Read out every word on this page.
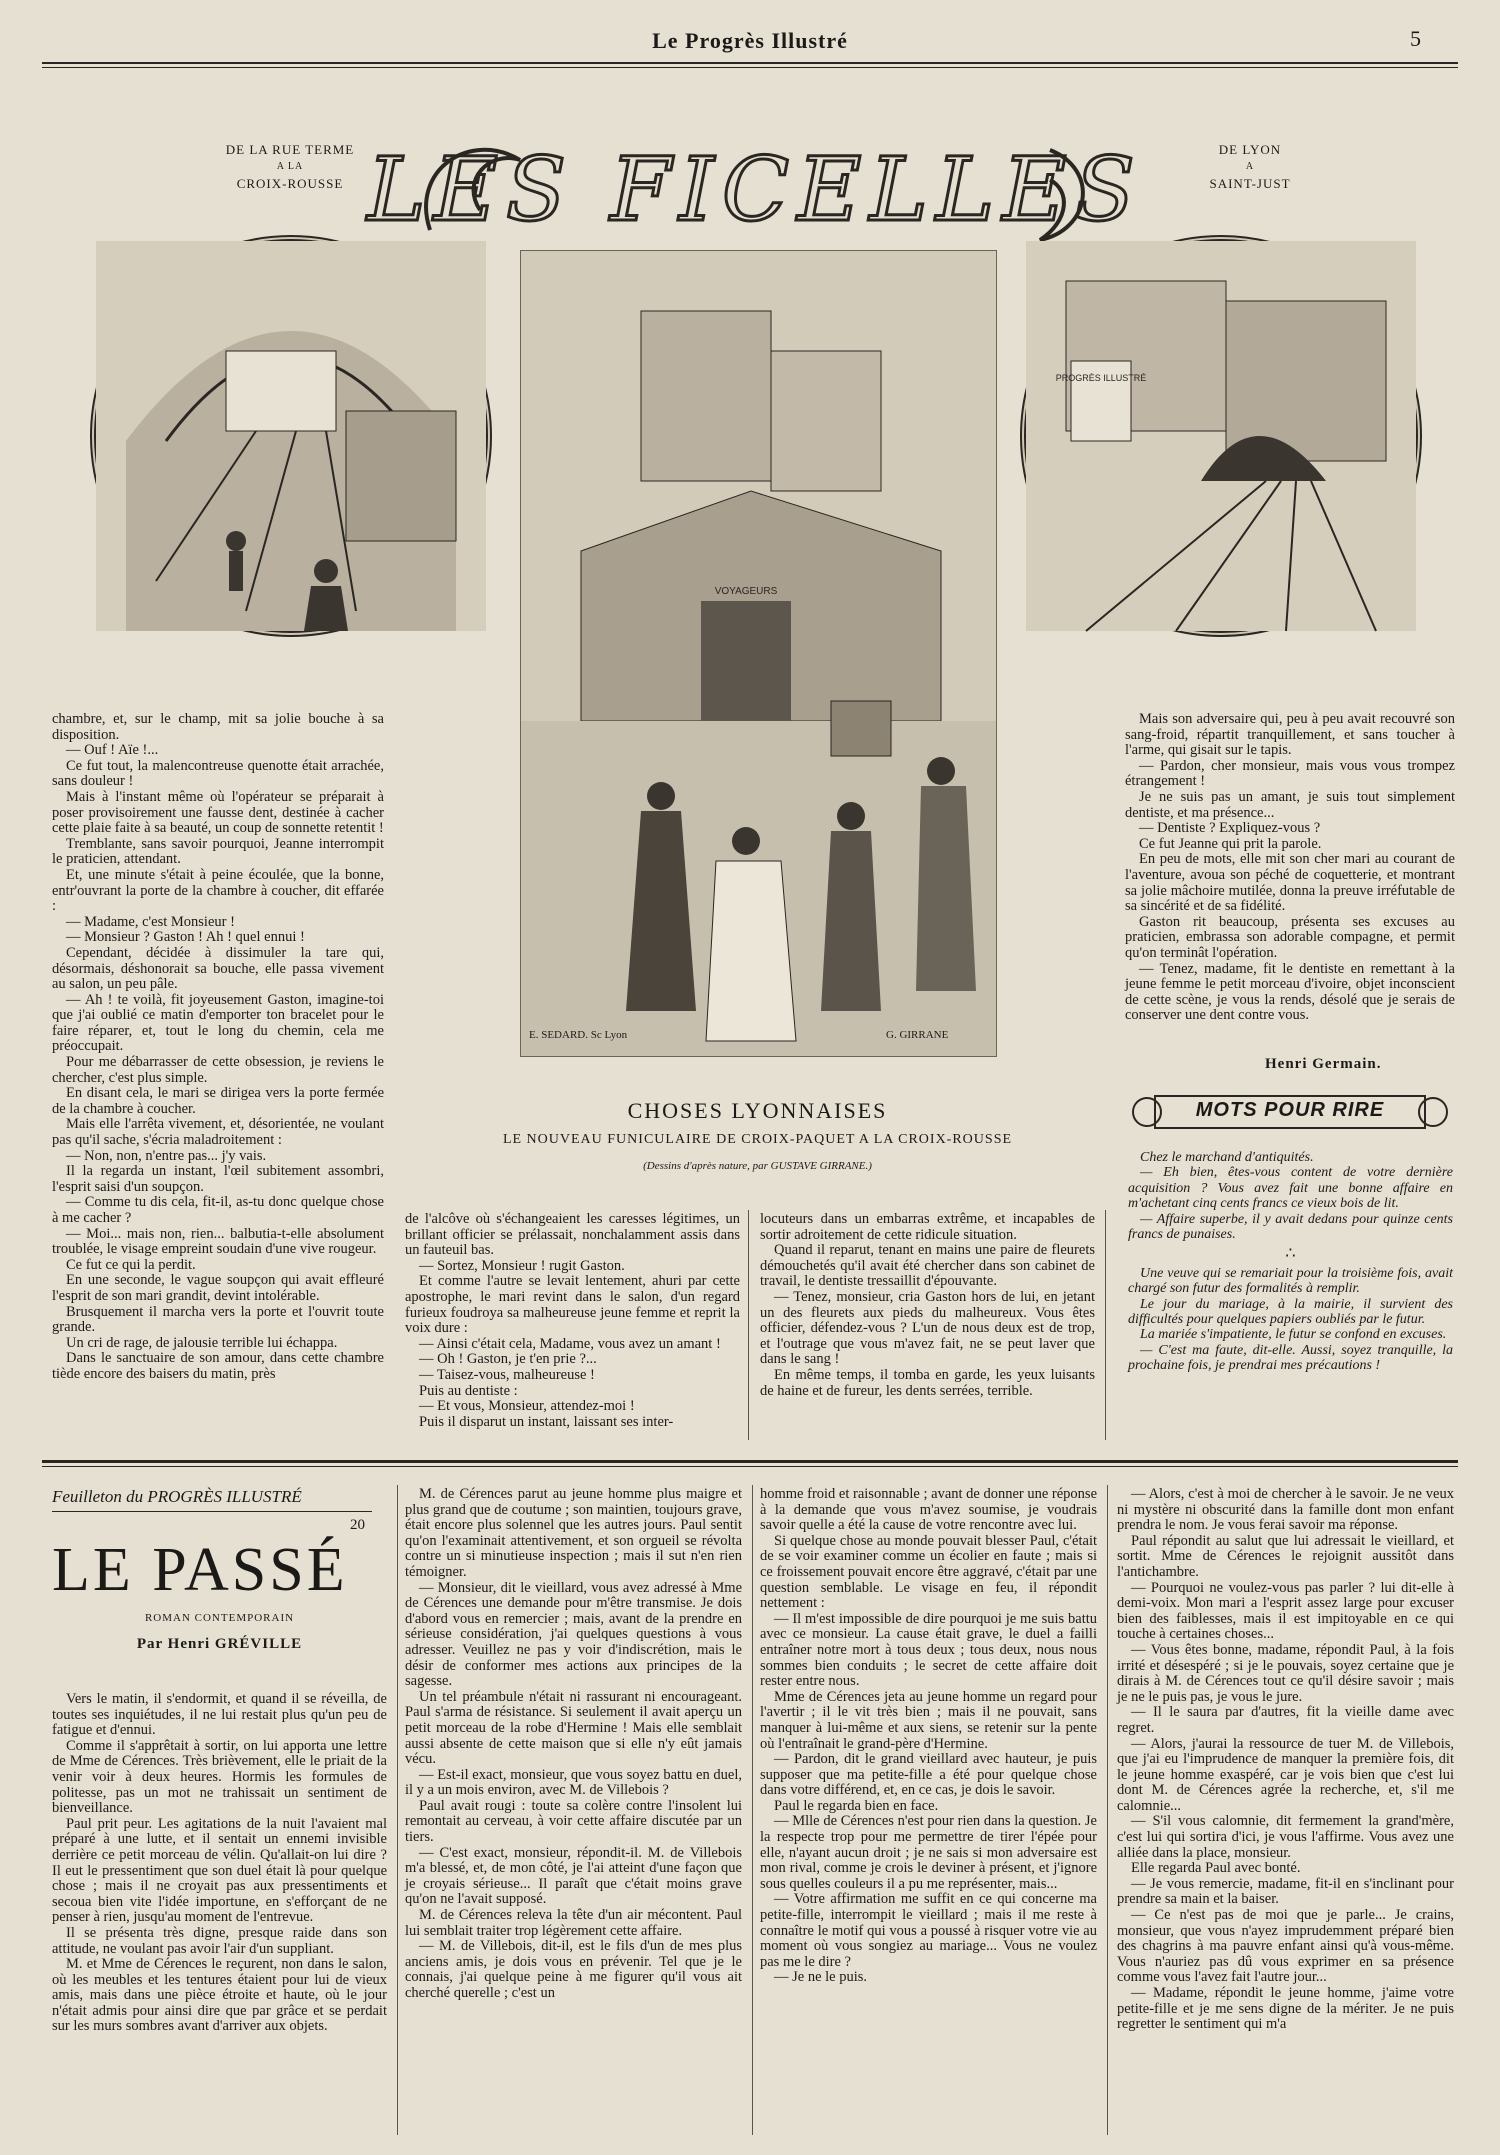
Le Progrès Illustré	5
DE LA RUE TERME
A LA
CROIX-ROUSSE
DE LYON
A
SAINT-JUST
LES FICELLES
PROGRÈS ILLUSTRÉ
VOYAGEURS
E. SEDARD. Sc Lyon	G. GIRRANE
CHOSES LYONNAISES
LE NOUVEAU FUNICULAIRE DE CROIX-PAQUET A LA CROIX-ROUSSE
(Dessins d'après nature, par GUSTAVE GIRRANE.)

chambre, et, sur le champ, mit sa jolie bouche à sa disposition.

— Ouf ! Aïe !...

Ce fut tout, la malencontreuse quenotte était arrachée, sans douleur !

Mais à l'instant même où l'opérateur se préparait à poser provisoirement une fausse dent, destinée à cacher cette plaie faite à sa beauté, un coup de sonnette retentit !

Tremblante, sans savoir pourquoi, Jeanne interrompit le praticien, attendant.

Et, une minute s'était à peine écoulée, que la bonne, entr'ouvrant la porte de la chambre à coucher, dit effarée :

— Madame, c'est Monsieur !

— Monsieur ? Gaston ! Ah ! quel ennui !

Cependant, décidée à dissimuler la tare qui, désormais, déshonorait sa bouche, elle passa vivement au salon, un peu pâle.

— Ah ! te voilà, fit joyeusement Gaston, imagine-toi que j'ai oublié ce matin d'emporter ton bracelet pour le faire réparer, et, tout le long du chemin, cela me préoccupait.

Pour me débarrasser de cette obsession, je reviens le chercher, c'est plus simple.

En disant cela, le mari se dirigea vers la porte fermée de la chambre à coucher.

Mais elle l'arrêta vivement, et, désorientée, ne voulant pas qu'il sache, s'écria maladroitement :

— Non, non, n'entre pas... j'y vais.

Il la regarda un instant, l'œil subitement assombri, l'esprit saisi d'un soupçon.

— Comme tu dis cela, fit-il, as-tu donc quelque chose à me cacher ?

— Moi... mais non, rien... balbutia-t-elle absolument troublée, le visage empreint soudain d'une vive rougeur.

Ce fut ce qui la perdit.

En une seconde, le vague soupçon qui avait effleuré l'esprit de son mari grandit, devint intolérable.

Brusquement il marcha vers la porte et l'ouvrit toute grande.

Un cri de rage, de jalousie terrible lui échappa.

Dans le sanctuaire de son amour, dans cette chambre tiède encore des baisers du matin, près

de l'alcôve où s'échangeaient les caresses légitimes, un brillant officier se prélassait, nonchalamment assis dans un fauteuil bas.

— Sortez, Monsieur ! rugit Gaston.

Et comme l'autre se levait lentement, ahuri par cette apostrophe, le mari revint dans le salon, d'un regard furieux foudroya sa malheureuse jeune femme et reprit la voix dure :

— Ainsi c'était cela, Madame, vous avez un amant !

— Oh ! Gaston, je t'en prie ?...

— Taisez-vous, malheureuse !

Puis au dentiste :

— Et vous, Monsieur, attendez-moi !

Puis il disparut un instant, laissant ses inter-

locuteurs dans un embarras extrême, et incapables de sortir adroitement de cette ridicule situation.

Quand il reparut, tenant en mains une paire de fleurets démouchetés qu'il avait été chercher dans son cabinet de travail, le dentiste tressaillit d'épouvante.

— Tenez, monsieur, cria Gaston hors de lui, en jetant un des fleurets aux pieds du malheureux. Vous êtes officier, défendez-vous ? L'un de nous deux est de trop, et l'outrage que vous m'avez fait, ne se peut laver que dans le sang !

En même temps, il tomba en garde, les yeux luisants de haine et de fureur, les dents serrées, terrible.

Mais son adversaire qui, peu à peu avait recouvré son sang-froid, répartit tranquillement, et sans toucher à l'arme, qui gisait sur le tapis.

— Pardon, cher monsieur, mais vous vous trompez étrangement !

Je ne suis pas un amant, je suis tout simplement dentiste, et ma présence...

— Dentiste ? Expliquez-vous ?

Ce fut Jeanne qui prit la parole.

En peu de mots, elle mit son cher mari au courant de l'aventure, avoua son péché de coquetterie, et montrant sa jolie mâchoire mutilée, donna la preuve irréfutable de sa sincérité et de sa fidélité.

Gaston rit beaucoup, présenta ses excuses au praticien, embrassa son adorable compagne, et permit qu'on terminât l'opération.

— Tenez, madame, fit le dentiste en remettant à la jeune femme le petit morceau d'ivoire, objet inconscient de cette scène, je vous la rends, désolé que je serais de conserver une dent contre vous.

Henri Germain.
MOTS POUR RIRE

Chez le marchand d'antiquités.

— Eh bien, êtes-vous content de votre dernière acquisition ? Vous avez fait une bonne affaire en m'achetant cinq cents francs ce vieux bois de lit.

— Affaire superbe, il y avait dedans pour quinze cents francs de punaises.

∴

Une veuve qui se remariait pour la troisième fois, avait chargé son futur des formalités à remplir.

Le jour du mariage, à la mairie, il survient des difficultés pour quelques papiers oubliés par le futur.

La mariée s'impatiente, le futur se confond en excuses.

— C'est ma faute, dit-elle. Aussi, soyez tranquille, la prochaine fois, je prendrai mes précautions !

Feuilleton du PROGRÈS ILLUSTRÉ
20
LE PASSÉ
ROMAN CONTEMPORAIN
Par Henri GRÉVILLE

Vers le matin, il s'endormit, et quand il se réveilla, de toutes ses inquiétudes, il ne lui restait plus qu'un peu de fatigue et d'ennui.

Comme il s'apprêtait à sortir, on lui apporta une lettre de Mme de Cérences. Très brièvement, elle le priait de la venir voir à deux heures. Hormis les formules de politesse, pas un mot ne trahissait un sentiment de bienveillance.

Paul prit peur. Les agitations de la nuit l'avaient mal préparé à une lutte, et il sentait un ennemi invisible derrière ce petit morceau de vélin. Qu'allait-on lui dire ? Il eut le pressentiment que son duel était là pour quelque chose ; mais il ne croyait pas aux pressentiments et secoua bien vite l'idée importune, en s'efforçant de ne penser à rien, jusqu'au moment de l'entrevue.

Il se présenta très digne, presque raide dans son attitude, ne voulant pas avoir l'air d'un suppliant.

M. et Mme de Cérences le reçurent, non dans le salon, où les meubles et les tentures étaient pour lui de vieux amis, mais dans une pièce étroite et haute, où le jour n'était admis pour ainsi dire que par grâce et se perdait sur les murs sombres avant d'arriver aux objets.

M. de Cérences parut au jeune homme plus maigre et plus grand que de coutume ; son maintien, toujours grave, était encore plus solennel que les autres jours. Paul sentit qu'on l'examinait attentivement, et son orgueil se révolta contre un si minutieuse inspection ; mais il sut n'en rien témoigner.

— Monsieur, dit le vieillard, vous avez adressé à Mme de Cérences une demande pour m'être transmise. Je dois d'abord vous en remercier ; mais, avant de la prendre en sérieuse considération, j'ai quelques questions à vous adresser. Veuillez ne pas y voir d'indiscrétion, mais le désir de conformer mes actions aux principes de la sagesse.

Un tel préambule n'était ni rassurant ni encourageant. Paul s'arma de résistance. Si seulement il avait aperçu un petit morceau de la robe d'Hermine ! Mais elle semblait aussi absente de cette maison que si elle n'y eût jamais vécu.

— Est-il exact, monsieur, que vous soyez battu en duel, il y a un mois environ, avec M. de Villebois ?

Paul avait rougi : toute sa colère contre l'insolent lui remontait au cerveau, à voir cette affaire discutée par un tiers.

— C'est exact, monsieur, répondit-il. M. de Villebois m'a blessé, et, de mon côté, je l'ai atteint d'une façon que je croyais sérieuse... Il paraît que c'était moins grave qu'on ne l'avait supposé.

M. de Cérences releva la tête d'un air mécontent. Paul lui semblait traiter trop légèrement cette affaire.

— M. de Villebois, dit-il, est le fils d'un de mes plus anciens amis, je dois vous en prévenir. Tel que je le connais, j'ai quelque peine à me figurer qu'il vous ait cherché querelle ; c'est un

homme froid et raisonnable ; avant de donner une réponse à la demande que vous m'avez soumise, je voudrais savoir quelle a été la cause de votre rencontre avec lui.

Si quelque chose au monde pouvait blesser Paul, c'était de se voir examiner comme un écolier en faute ; mais si ce froissement pouvait encore être aggravé, c'était par une question semblable. Le visage en feu, il répondit nettement :

— Il m'est impossible de dire pourquoi je me suis battu avec ce monsieur. La cause était grave, le duel a failli entraîner notre mort à tous deux ; tous deux, nous nous sommes bien conduits ; le secret de cette affaire doit rester entre nous.

Mme de Cérences jeta au jeune homme un regard pour l'avertir ; il le vit très bien ; mais il ne pouvait, sans manquer à lui-même et aux siens, se retenir sur la pente où l'entraînait le grand-père d'Hermine.

— Pardon, dit le grand vieillard avec hauteur, je puis supposer que ma petite-fille a été pour quelque chose dans votre différend, et, en ce cas, je dois le savoir.

Paul le regarda bien en face.

— Mlle de Cérences n'est pour rien dans la question. Je la respecte trop pour me permettre de tirer l'épée pour elle, n'ayant aucun droit ; je ne sais si mon adversaire est mon rival, comme je crois le deviner à présent, et j'ignore sous quelles couleurs il a pu me représenter, mais...

— Votre affirmation me suffit en ce qui concerne ma petite-fille, interrompit le vieillard ; mais il me reste à connaître le motif qui vous a poussé à risquer votre vie au moment où vous songiez au mariage... Vous ne voulez pas me le dire ?

— Je ne le puis.

— Alors, c'est à moi de chercher à le savoir. Je ne veux ni mystère ni obscurité dans la famille dont mon enfant prendra le nom. Je vous ferai savoir ma réponse.

Paul répondit au salut que lui adressait le vieillard, et sortit. Mme de Cérences le rejoignit aussitôt dans l'antichambre.

— Pourquoi ne voulez-vous pas parler ? lui dit-elle à demi-voix. Mon mari a l'esprit assez large pour excuser bien des faiblesses, mais il est impitoyable en ce qui touche à certaines choses...

— Vous êtes bonne, madame, répondit Paul, à la fois irrité et désespéré ; si je le pouvais, soyez certaine que je dirais à M. de Cérences tout ce qu'il désire savoir ; mais je ne le puis pas, je vous le jure.

— Il le saura par d'autres, fit la vieille dame avec regret.

— Alors, j'aurai la ressource de tuer M. de Villebois, que j'ai eu l'imprudence de manquer la première fois, dit le jeune homme exaspéré, car je vois bien que c'est lui dont M. de Cérences agrée la recherche, et, s'il me calomnie...

— S'il vous calomnie, dit fermement la grand'mère, c'est lui qui sortira d'ici, je vous l'affirme. Vous avez une alliée dans la place, monsieur.

Elle regarda Paul avec bonté.

— Je vous remercie, madame, fit-il en s'inclinant pour prendre sa main et la baiser.

— Ce n'est pas de moi que je parle... Je crains, monsieur, que vous n'ayez imprudemment préparé bien des chagrins à ma pauvre enfant ainsi qu'à vous-même. Vous n'auriez pas dû vous exprimer en sa présence comme vous l'avez fait l'autre jour...

— Madame, répondit le jeune homme, j'aime votre petite-fille et je me sens digne de la mériter. Je ne puis regretter le sentiment qui m'a
